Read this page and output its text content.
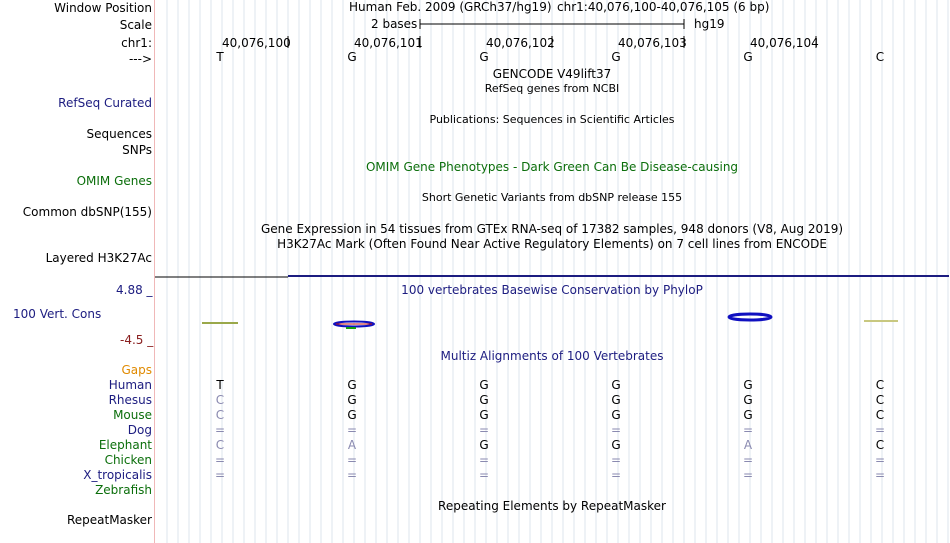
Window Position
Scale
chr1:
--->
Human Feb. 2009 (GRCh37/hg19) chr1:40,076,100-40,076,105 (6 bp)
2 bases	hg19
40,076,100	40,076,101	40,076,102	40,076,103	40,076,104
T	G	G	G	G	C
GENCODE V49lift37
RefSeq genes from NCBI
RefSeq Curated
Publications: Sequences in Scientific Articles
Sequences
SNPs
OMIM Gene Phenotypes - Dark Green Can Be Disease-causing
OMIM Genes
Short Genetic Variants from dbSNP release 155
Common dbSNP(155)
Gene Expression in 54 tissues from GTEx RNA-seq of 17382 samples, 948 donors (V8, Aug 2019)
H3K27Ac Mark (Often Found Near Active Regulatory Elements) on 7 cell lines from ENCODE
Layered H3K27Ac
100 vertebrates Basewise Conservation by PhyloP
4.88 _
100 Vert. Cons
-4.5 _
Multiz Alignments of 100 Vertebrates
Gaps
Human	T	G	G	G	G	C
Rhesus	C	G	G	G	G	C
Mouse	C	G	G	G	G	C
Dog	=	=	=	=	=	=
Elephant	C	A	G	G	A	C
Chicken	=	=	=	=	=	=
X_tropicalis	=	=	=	=	=	=
Zebrafish
Repeating Elements by RepeatMasker
RepeatMasker
